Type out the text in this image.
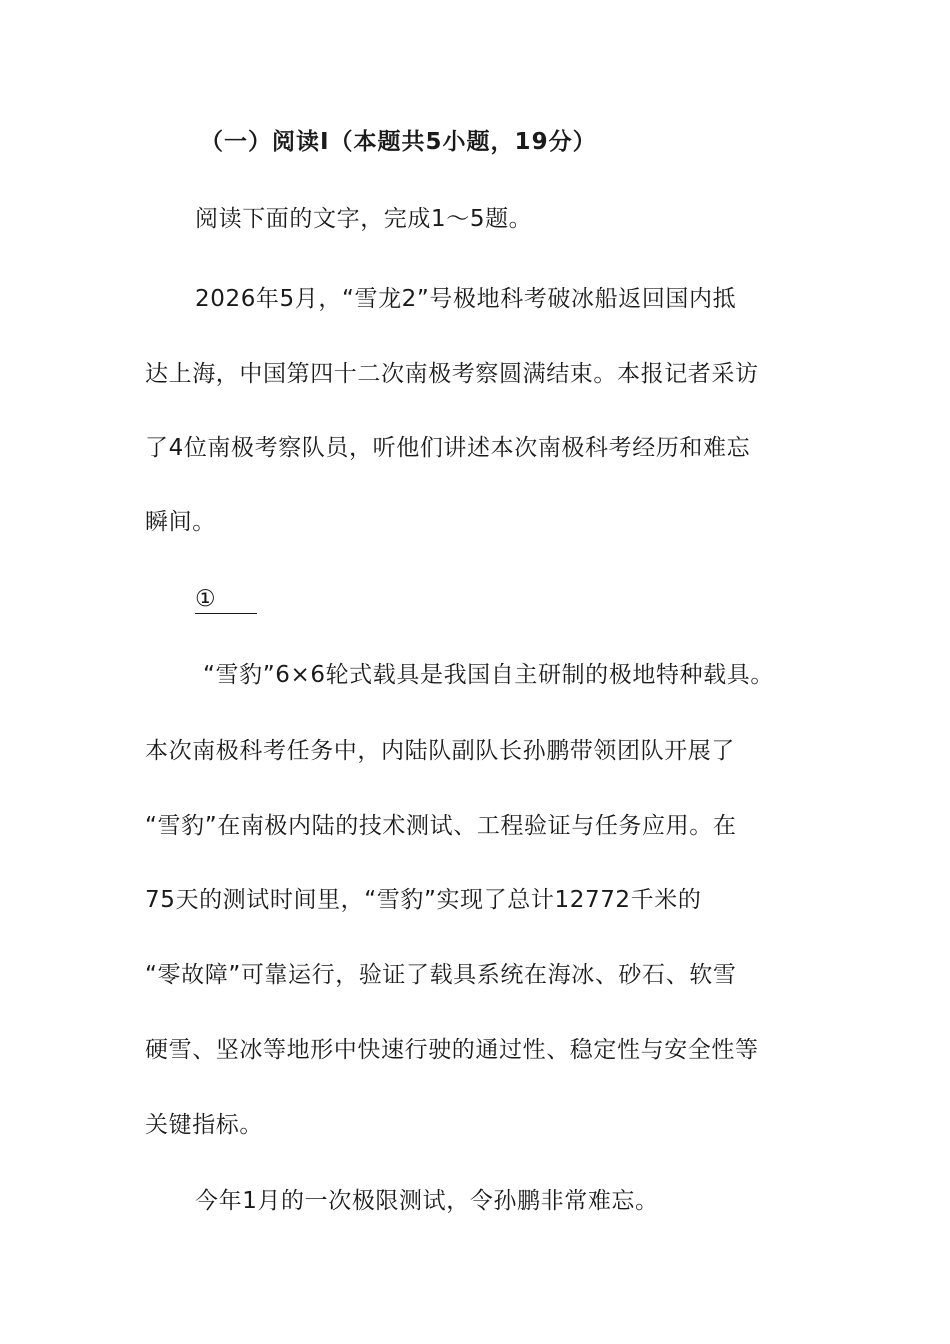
（一）阅读Ⅰ（本题共5小题，19分）
阅读下面的文字，完成1～5题。
2026年5月，“雪龙2”号极地科考破冰船返回国内抵
达上海，中国第四十二次南极考察圆满结束。本报记者采访
了4位南极考察队员，听他们讲述本次南极科考经历和难忘
瞬间。
①
“雪豹”6×6轮式载具是我国自主研制的极地特种载具。
本次南极科考任务中，内陆队副队长孙鹏带领团队开展了
“雪豹”在南极内陆的技术测试、工程验证与任务应用。在
75天的测试时间里，“雪豹”实现了总计12772千米的
“零故障”可靠运行，验证了载具系统在海冰、砂石、软雪
硬雪、坚冰等地形中快速行驶的通过性、稳定性与安全性等
关键指标。
今年1月的一次极限测试，令孙鹏非常难忘。
